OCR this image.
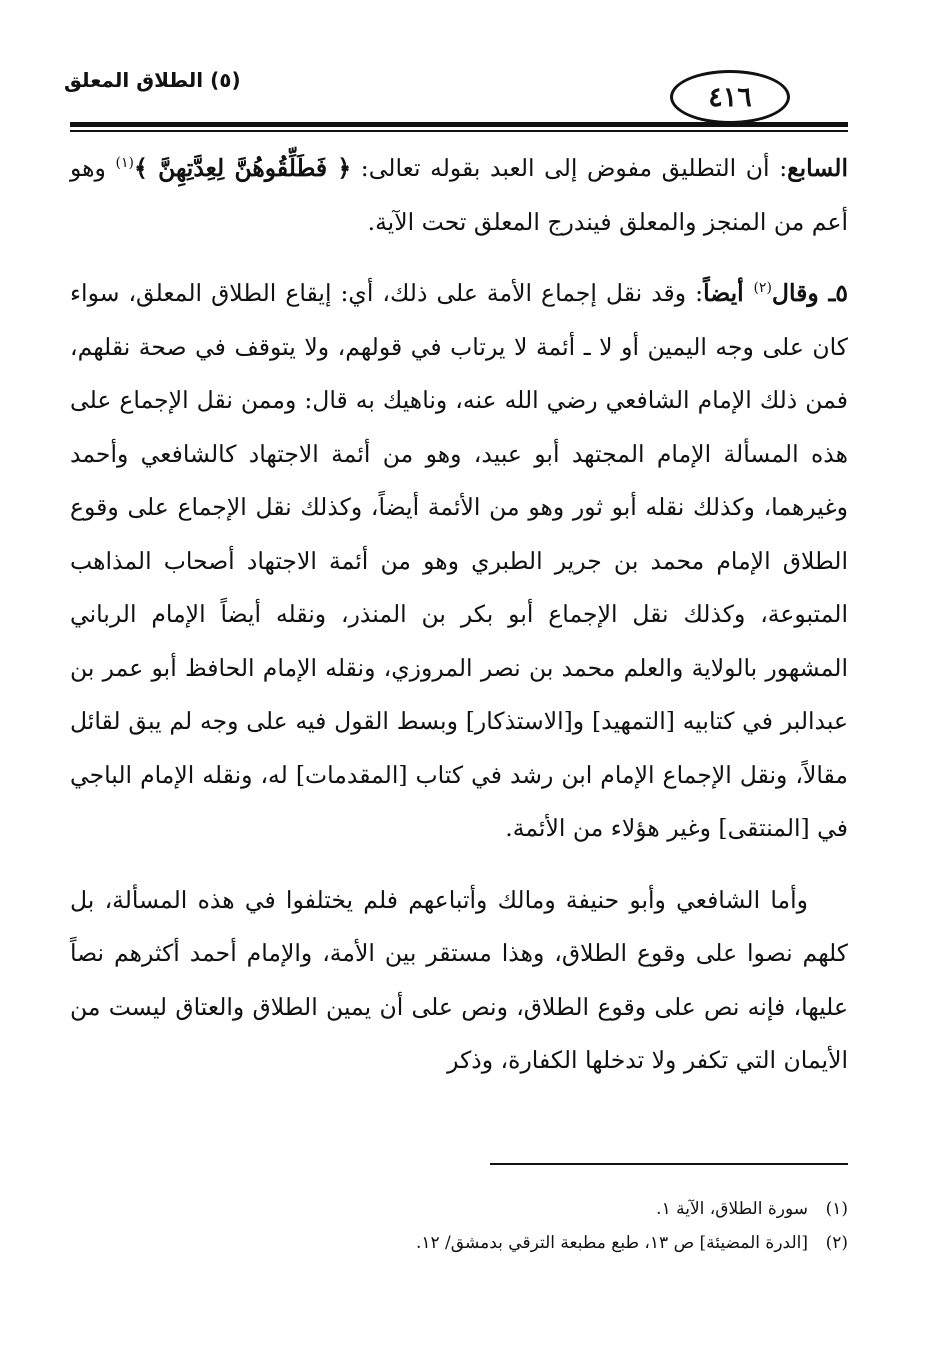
(٥) الطلاق المعلق
٤١٦

السابع: أن التطليق مفوض إلى العبد بقوله تعالى: ﴿ فَطَلِّقُوهُنَّ لِعِدَّتِهِنَّ ﴾$^{(١)}$ وهو أعم من المنجز والمعلق فيندرج المعلق تحت الآية.

٥ـ وقال$^{(٢)}$ أيضاً: وقد نقل إجماع الأمة على ذلك، أي: إيقاع الطلاق المعلق، سواء كان على وجه اليمين أو لا ـ أئمة لا يرتاب في قولهم، ولا يتوقف في صحة نقلهم، فمن ذلك الإمام الشافعي رضي الله عنه، وناهيك به قال: وممن نقل الإجماع على هذه المسألة الإمام المجتهد أبو عبيد، وهو من أئمة الاجتهاد كالشافعي وأحمد وغيرهما، وكذلك نقله أبو ثور وهو من الأئمة أيضاً، وكذلك نقل الإجماع على وقوع الطلاق الإمام محمد بن جرير الطبري وهو من أئمة الاجتهاد أصحاب المذاهب المتبوعة، وكذلك نقل الإجماع أبو بكر بن المنذر، ونقله أيضاً الإمام الرباني المشهور بالولاية والعلم محمد بن نصر المروزي، ونقله الإمام الحافظ أبو عمر بن عبدالبر في كتابيه [التمهيد] و[الاستذكار] وبسط القول فيه على وجه لم يبق لقائل مقالاً، ونقل الإجماع الإمام ابن رشد في كتاب [المقدمات] له، ونقله الإمام الباجي في [المنتقى] وغير هؤلاء من الأئمة.

وأما الشافعي وأبو حنيفة ومالك وأتباعهم فلم يختلفوا في هذه المسألة، بل كلهم نصوا على وقوع الطلاق، وهذا مستقر بين الأمة، والإمام أحمد أكثرهم نصاً عليها، فإنه نص على وقوع الطلاق، ونص على أن يمين الطلاق والعتاق ليست من الأيمان التي تكفر ولا تدخلها الكفارة، وذكر

(١)سورة الطلاق، الآية ١.
(٢)[الدرة المضيئة] ص ١٣، طبع مطبعة الترقي بدمشق/ ١٢.
